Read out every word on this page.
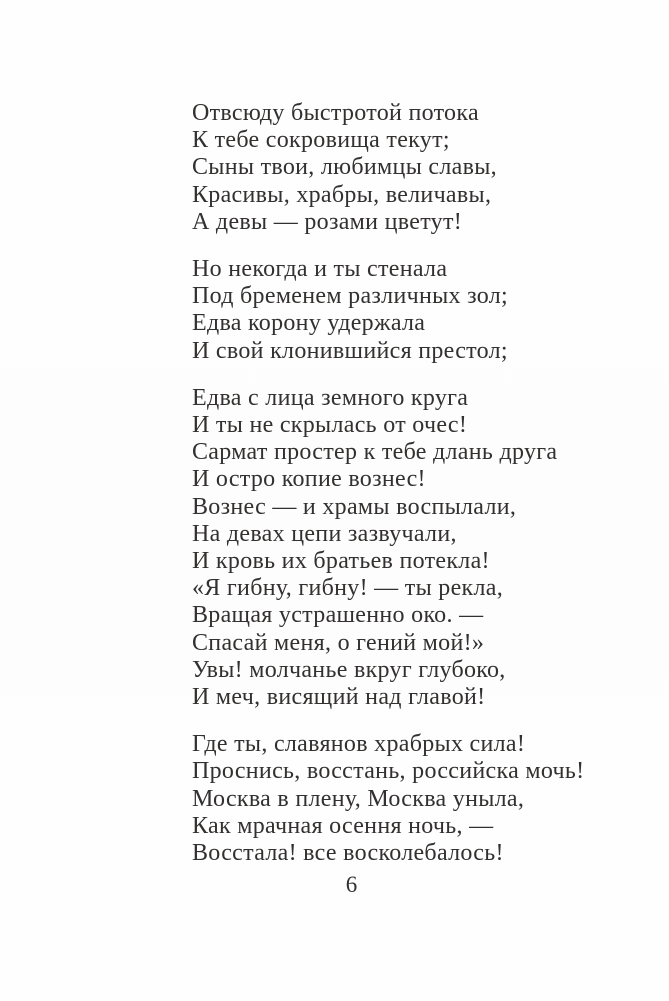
Отвсюду быстротой потока
К тебе сокровища текут;
Сыны твои, любимцы славы,
Красивы, храбры, величавы,
А девы — розами цветут!
Но некогда и ты стенала
Под бременем различных зол;
Едва корону удержала
И свой клонившийся престол;
Едва с лица земного круга
И ты не скрылась от очес!
Сармат простер к тебе длань друга
И остро копие вознес!
Вознес — и храмы воспылали,
На девах цепи зазвучали,
И кровь их братьев потекла!
«Я гибну, гибну! — ты рекла,
Вращая устрашенно око. —
Спасай меня, о гений мой!»
Увы! молчанье вкруг глубоко,
И меч, висящий над главой!
Где ты, славянов храбрых сила!
Проснись, восстань, российска мочь!
Москва в плену, Москва уныла,
Как мрачная осення ночь, —
Восстала! все восколебалось!
6
